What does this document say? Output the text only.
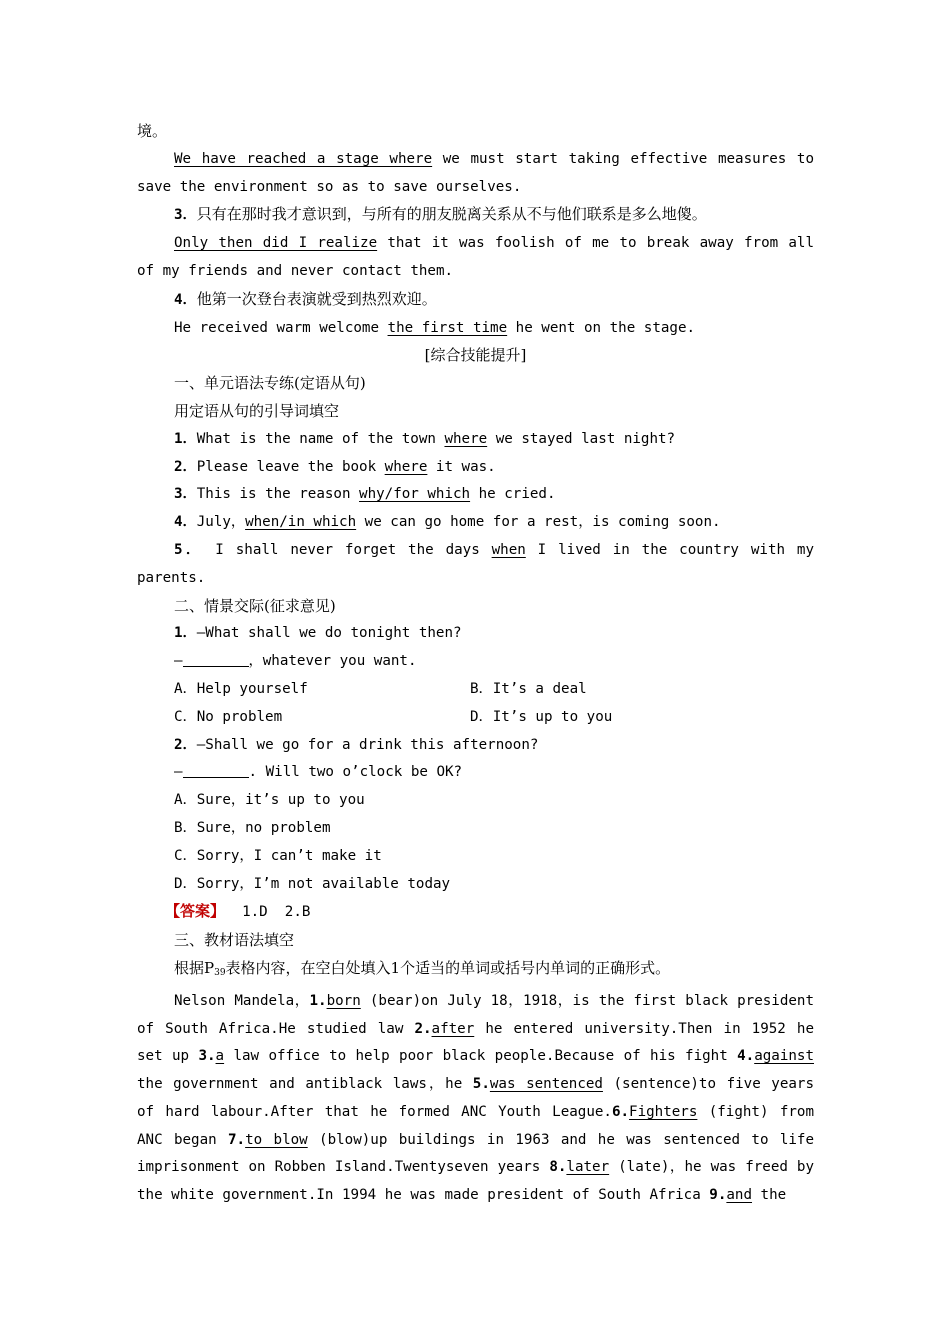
境。

We have reached a stage where we must start taking effective measures to save the environment so as to save ourselves.

3．只有在那时我才意识到，与所有的朋友脱离关系从不与他们联系是多么地傻。

Only then did I realize that it was foolish of me to break away from all of my friends and never contact them.

4．他第一次登台表演就受到热烈欢迎。

He received warm welcome the first time he went on the stage.

[综合技能提升]

一、单元语法专练(定语从句)

用定语从句的引导词填空

1．What is the name of the town where we stayed last night?

2．Please leave the book where it was.

3．This is the reason why/for which he cried.

4．July，when/in which we can go home for a rest，is coming soon.

5． I shall never forget the days when I lived in the country with my parents.

二、情景交际(征求意见)

1．—What shall we do tonight then?

—	，whatever you want.

A．Help yourself	B．It’s a deal
C．No problem	D．It’s up to you

2．—Shall we go for a drink this afternoon?

—	. Will two o’clock be OK?

A．Sure，it’s up to you

B．Sure，no problem

C．Sorry，I can’t make it

D．Sorry，I’m not available today

【答案】  1.D  2.B

三、教材语法填空

根据$P_{39}$表格内容，在空白处填入1个适当的单词或括号内单词的正确形式。

Nelson Mandela，1.born (bear)on July 18，1918，is the first black president of South Africa.He studied law 2.after he entered university.Then in 1952 he set up 3.a law office to help poor black people.Because of his fight 4.against the government and antiblack laws，he 5.was sentenced (sentence)to five years of hard labour.After that he formed ANC Youth League.6.Fighters (fight) from ANC began 7.to blow (blow)up buildings in 1963 and he was sentenced to life imprisonment on Robben Island.Twentyseven years 8.later (late)，he was freed by the white government.In 1994 he was made president of South Africa 9.and the
